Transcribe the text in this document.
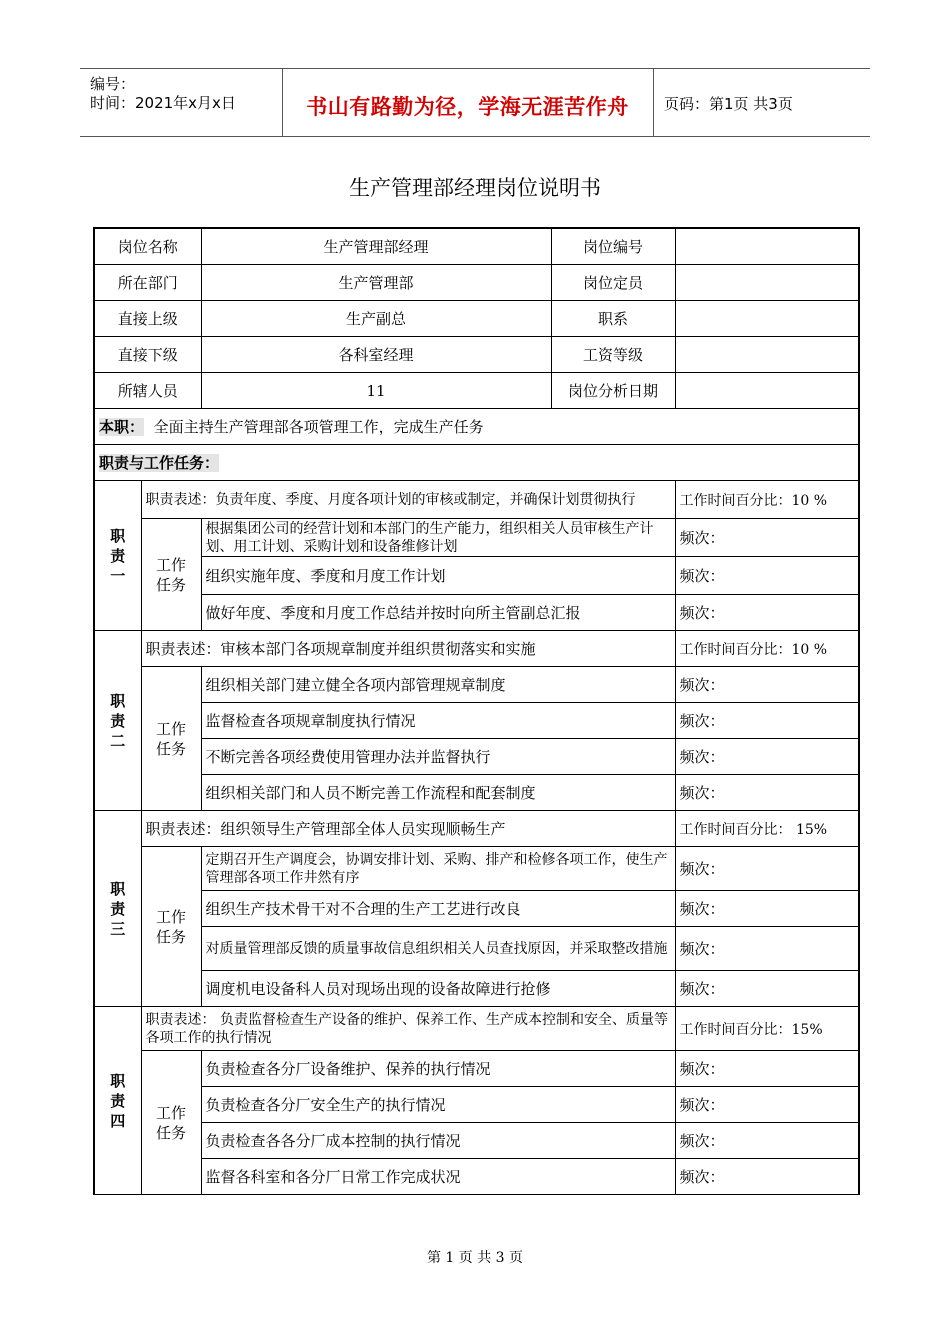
编号：
时间：2021年x月x日	书山有路勤为径，学海无涯苦作舟	页码：第1页 共3页
生产管理部经理岗位说明书
岗位名称		生产管理部经理	岗位编号	
所在部门		生产管理部	岗位定员	
直接上级		生产副总	职系	
直接下级		各科室经理	工资等级	
所辖人员		11	岗位分析日期	
本职： 全面主持生产管理部各项管理工作，完成生产任务				
职责与工作任务：				
职责一	职责表述：负责年度、季度、月度各项计划的审核或制定，并确保计划贯彻执行			工作时间百分比：10 %
	工作任务	根据集团公司的经营计划和本部门的生产能力，组织相关人员审核生产计划、用工计划、采购计划和设备维修计划		频次：
		组织实施年度、季度和月度工作计划		频次：
		做好年度、季度和月度工作总结并按时向所主管副总汇报		频次：
职责二	职责表述：审核本部门各项规章制度并组织贯彻落实和实施			工作时间百分比：10 %
	工作任务	组织相关部门建立健全各项内部管理规章制度		频次：
		监督检查各项规章制度执行情况		频次：
		不断完善各项经费使用管理办法并监督执行		频次：
		组织相关部门和人员不断完善工作流程和配套制度		频次：
职责三	职责表述：组织领导生产管理部全体人员实现顺畅生产			工作时间百分比： 15%
	工作任务	定期召开生产调度会，协调安排计划、采购、排产和检修各项工作，使生产管理部各项工作井然有序		频次：
		组织生产技术骨干对不合理的生产工艺进行改良		频次：
		对质量管理部反馈的质量事故信息组织相关人员查找原因，并采取整改措施		频次：
		调度机电设备科人员对现场出现的设备故障进行抢修		频次：
职责四	职责表述： 负责监督检查生产设备的维护、保养工作、生产成本控制和安全、质量等各项工作的执行情况			工作时间百分比：15%
	工作任务	负责检查各分厂设备维护、保养的执行情况		频次：
		负责检查各分厂安全生产的执行情况		频次：
		负责检查各各分厂成本控制的执行情况		频次：
		监督各科室和各分厂日常工作完成状况		频次：
第 1 页 共 3 页
